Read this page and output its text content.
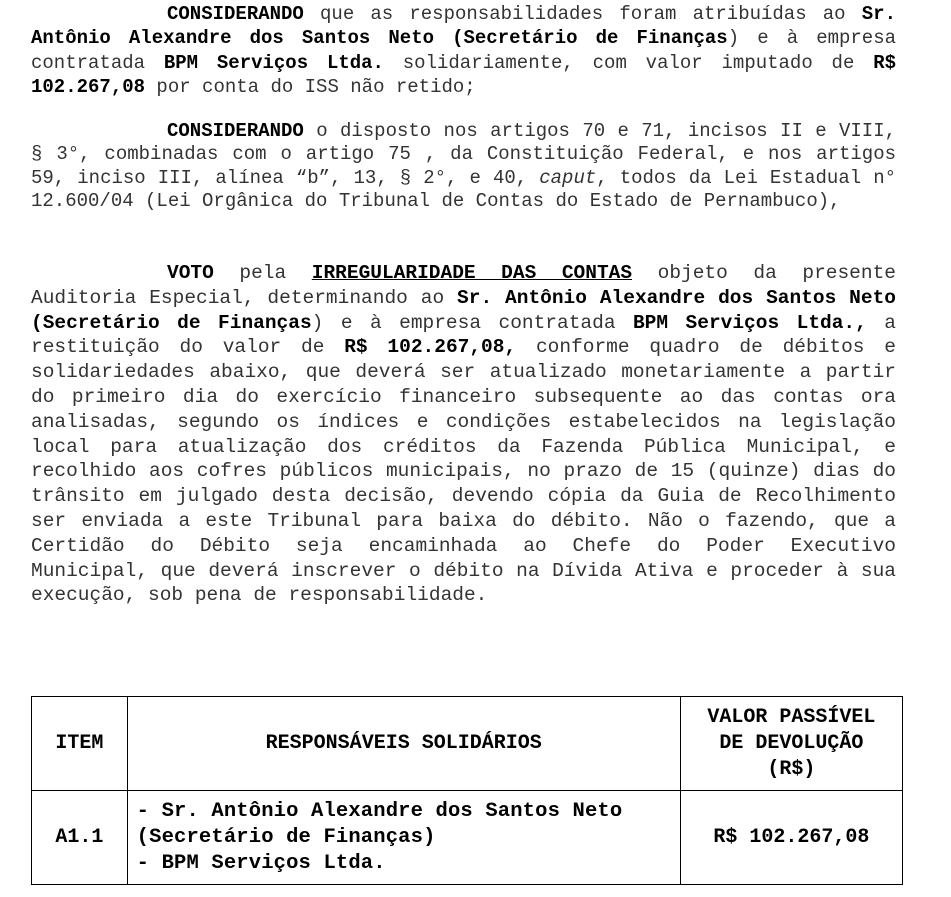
CONSIDERANDO que as responsabilidades foram atribuídas ao Sr. Antônio Alexandre dos Santos Neto (Secretário de Finanças) e à empresa contratada BPM Serviços Ltda. solidariamente, com valor imputado de R$ 102.267,08 por conta do ISS não retido;

CONSIDERANDO o disposto nos artigos 70 e 71, incisos II e VIII, § 3°, combinadas com o artigo 75 , da Constituição Federal, e nos artigos 59, inciso III, alínea “b”, 13, § 2°, e 40, caput, todos da Lei Estadual n° 12.600/04 (Lei Orgânica do Tribunal de Contas do Estado de Pernambuco),

VOTO pela IRREGULARIDADE DAS CONTAS objeto da presente Auditoria Especial, determinando ao Sr. Antônio Alexandre dos Santos Neto (Secretário de Finanças) e à empresa contratada BPM Serviços Ltda., a restituição do valor de R$ 102.267,08, conforme quadro de débitos e solidariedades abaixo, que deverá ser atualizado monetariamente a partir do primeiro dia do exercício financeiro subsequente ao das contas ora analisadas, segundo os índices e condições estabelecidos na legislação local para atualização dos créditos da Fazenda Pública Municipal, e recolhido aos cofres públicos municipais, no prazo de 15 (quinze) dias do trânsito em julgado desta decisão, devendo cópia da Guia de Recolhimento ser enviada a este Tribunal para baixa do débito. Não o fazendo, que a Certidão do Débito seja encaminhada ao Chefe do Poder Executivo Municipal, que deverá inscrever o débito na Dívida Ativa e proceder à sua execução, sob pena de responsabilidade.

ITEM	RESPONSÁVEIS SOLIDÁRIOS	VALOR PASSÍVEL
DE DEVOLUÇÃO
(R$)

A1.1	- Sr. Antônio Alexandre dos Santos Neto
(Secretário de Finanças)
- BPM Serviços Ltda.	R$ 102.267,08
